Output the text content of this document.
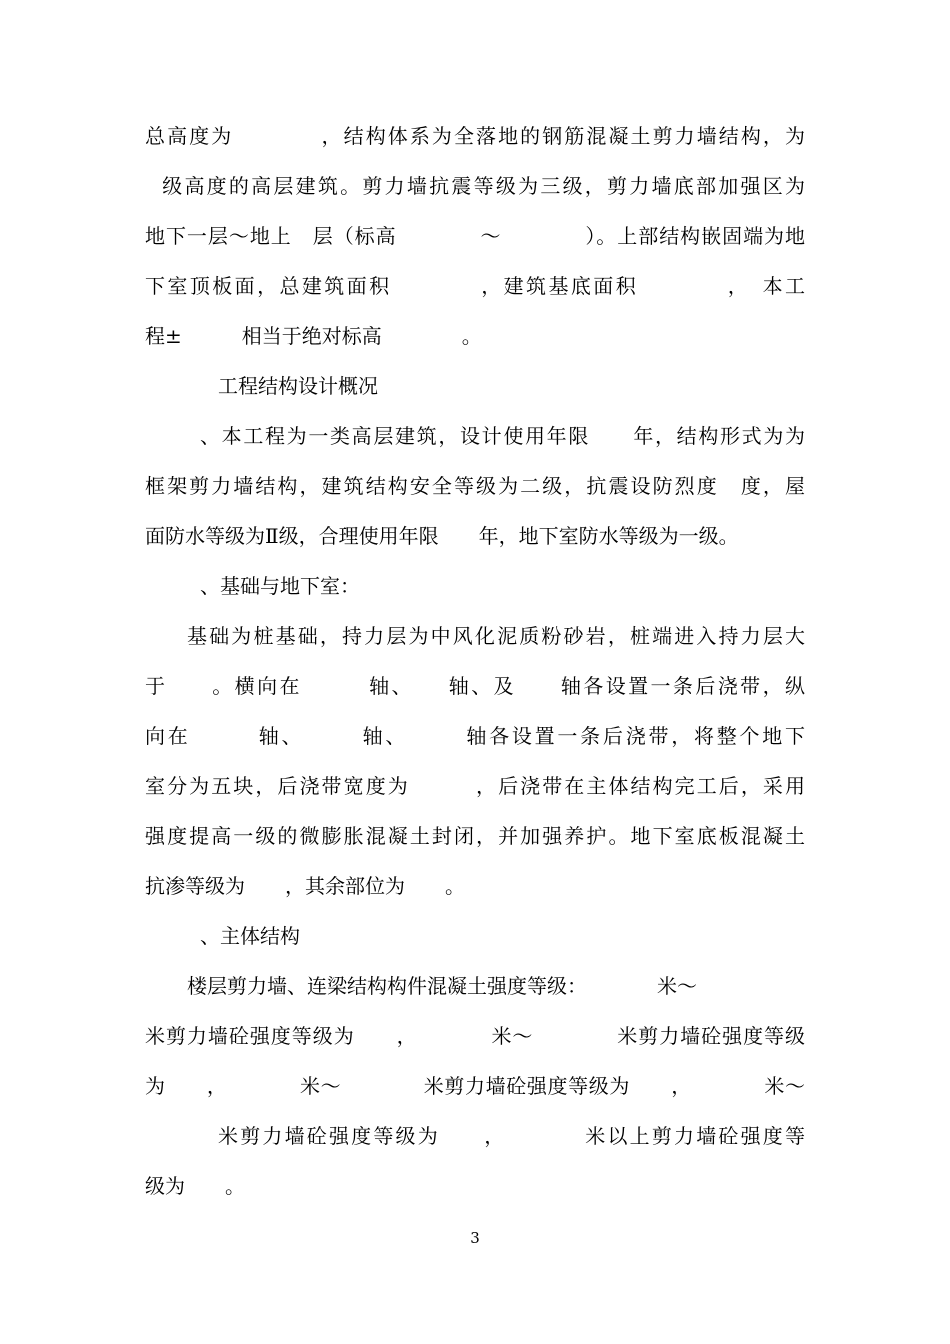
总高度为　　　　，结构体系为全落地的钢筋混凝土剪力墙结构，为
级高度的高层建筑。剪力墙抗震等级为三级，剪力墙底部加强区为
地下一层～地上　层（标高　　　　～　　　　）。上部结构嵌固端为地
下室顶板面，总建筑面积　　　　，建筑基底面积　　　　，　本工
程±　　　相当于绝对标高　　　　。
工程结构设计概况
、本工程为一类高层建筑，设计使用年限　　年，结构形式为为
框架剪力墙结构，建筑结构安全等级为二级，抗震设防烈度　度，屋
面防水等级为Ⅱ级，合理使用年限　　年，地下室防水等级为一级。
、基础与地下室：
基础为桩基础，持力层为中风化泥质粉砂岩，桩端进入持力层大
于　　。横向在　　　轴、　　轴、及　　轴各设置一条后浇带，纵
向在　　　轴、　　　轴、　　　轴各设置一条后浇带，将整个地下
室分为五块，后浇带宽度为　　　，后浇带在主体结构完工后，采用
强度提高一级的微膨胀混凝土封闭，并加强养护。地下室底板混凝土
抗渗等级为　　，其余部位为　　。
、主体结构
楼层剪力墙、连梁结构构件混凝土强度等级：　　　　米～
米剪力墙砼强度等级为　　，　　　　米～　　　　米剪力墙砼强度等级
为　　，　　　　米～　　　　米剪力墙砼强度等级为　　，　　　　米～
米剪力墙砼强度等级为　　，　　　　米以上剪力墙砼强度等
级为　　。
3
